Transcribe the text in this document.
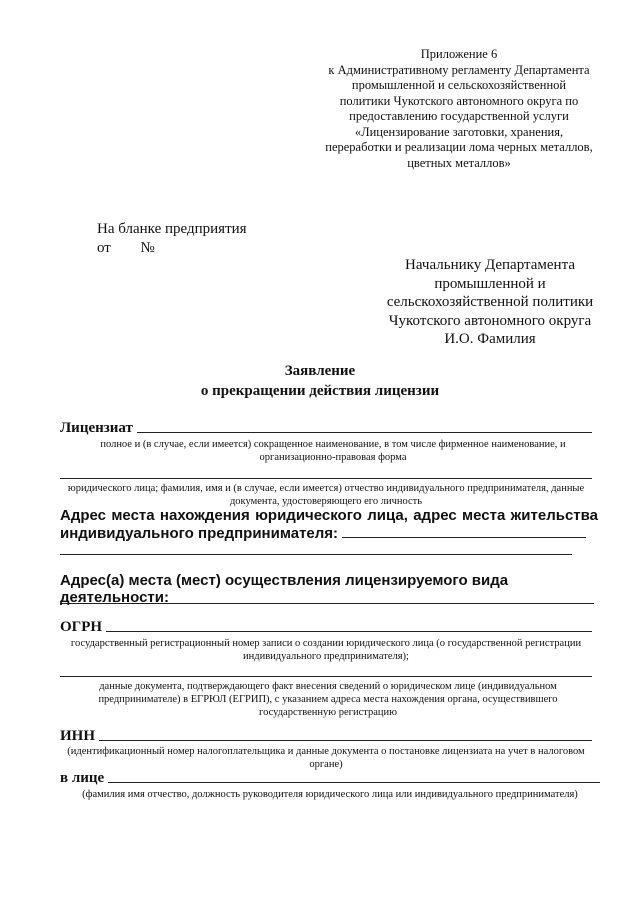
Приложение 6
к Административному регламенту Департамента
промышленной и сельскохозяйственной
политики Чукотского автономного округа по
предоставлению государственной услуги
«Лицензирование заготовки, хранения,
переработки и реализации лома черных металлов,
цветных металлов»
На бланке предприятия
от №
Начальнику Департамента
промышленной и
сельскохозяйственной политики
Чукотского автономного округа
И.О. Фамилия
Заявление
о прекращении действия лицензии
Лицензиат
полное и (в случае, если имеется) сокращенное наименование, в том числе фирменное наименование, и организационно-правовая форма
юридического лица; фамилия, имя и (в случае, если имеется) отчество индивидуального предпринимателя, данные документа, удостоверяющего его личность
Адрес места нахождения юридического лица, адрес места жительства
индивидуального предпринимателя:
Адрес(а) места (мест) осуществления лицензируемого вида деятельности:
ОГРН
государственный регистрационный номер записи о создании юридического лица (о государственной регистрации индивидуального предпринимателя);
данные документа, подтверждающего факт внесения сведений о юридическом лице (индивидуальном предпринимателе) в ЕГРЮЛ (ЕГРИП), с указанием адреса места нахождения органа, осуществившего государственную регистрацию
ИНН
(идентификационный номер налогоплательщика и данные документа о постановке лицензиата на учет в налоговом органе)
в лице
(фамилия имя отчество, должность руководителя юридического лица или индивидуального предпринимателя)
